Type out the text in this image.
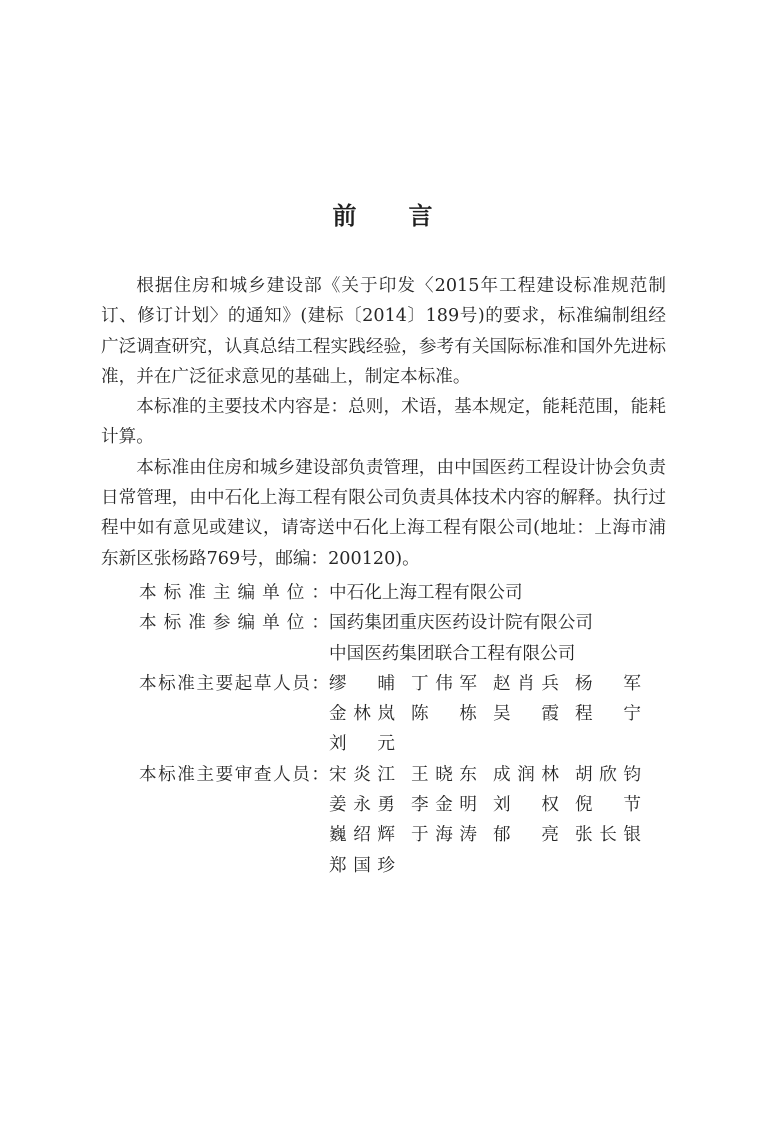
前 言

根据住房和城乡建设部《关于印发〈2015年工程建设标准规范制订、修订计划〉的通知》(建标〔2014〕189号)的要求，标准编制组经广泛调查研究，认真总结工程实践经验，参考有关国际标准和国外先进标准，并在广泛征求意见的基础上，制定本标准。

本标准的主要技术内容是：总则，术语，基本规定，能耗范围，能耗计算。

本标准由住房和城乡建设部负责管理，由中国医药工程设计协会负责日常管理，由中石化上海工程有限公司负责具体技术内容的解释。执行过程中如有意见或建议，请寄送中石化上海工程有限公司(地址：上海市浦东新区张杨路769号，邮编：200120)。

本标准主编单位： 中石化上海工程有限公司
本标准参编单位： 国药集团重庆医药设计院有限公司
中国医药集团联合工程有限公司
本标准主要起草人员： 缪晡 丁伟军 赵肖兵 杨军
金林岚 陈栋 吴霞 程宁
刘元
本标准主要审查人员： 宋炎江 王晓东 成润林 胡欣钧
姜永勇 李金明 刘权 倪节
巍绍辉 于海涛 郁亮 张长银
郑国珍
